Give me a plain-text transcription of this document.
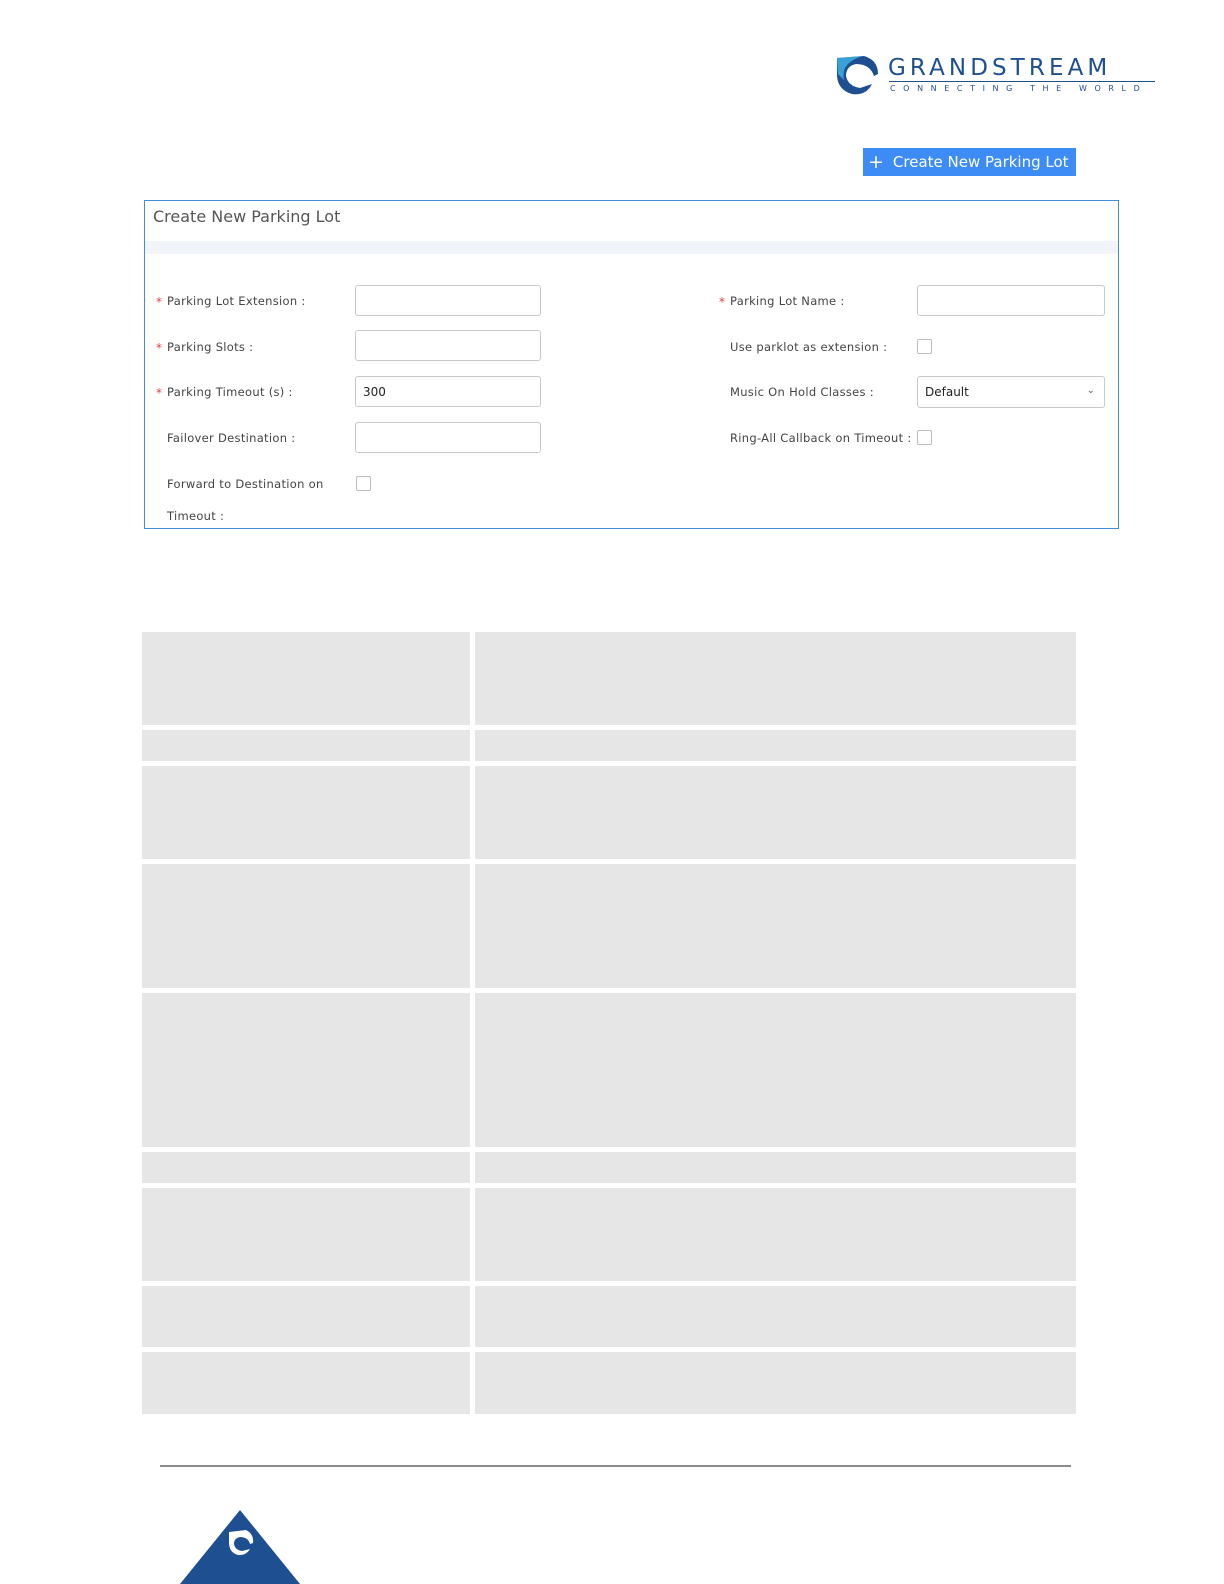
GRANDSTREAM
CONNECTING THE WORLD
+ Create New Parking Lot
Create New Parking Lot
* Parking Lot Extension :
* Parking Slots :
* Parking Timeout (s) :
300
Failover Destination :
Forward to Destination on
Timeout :
* Parking Lot Name :
Use parklot as extension :
Music On Hold Classes :	Default	⌄
Ring-All Callback on Timeout :
